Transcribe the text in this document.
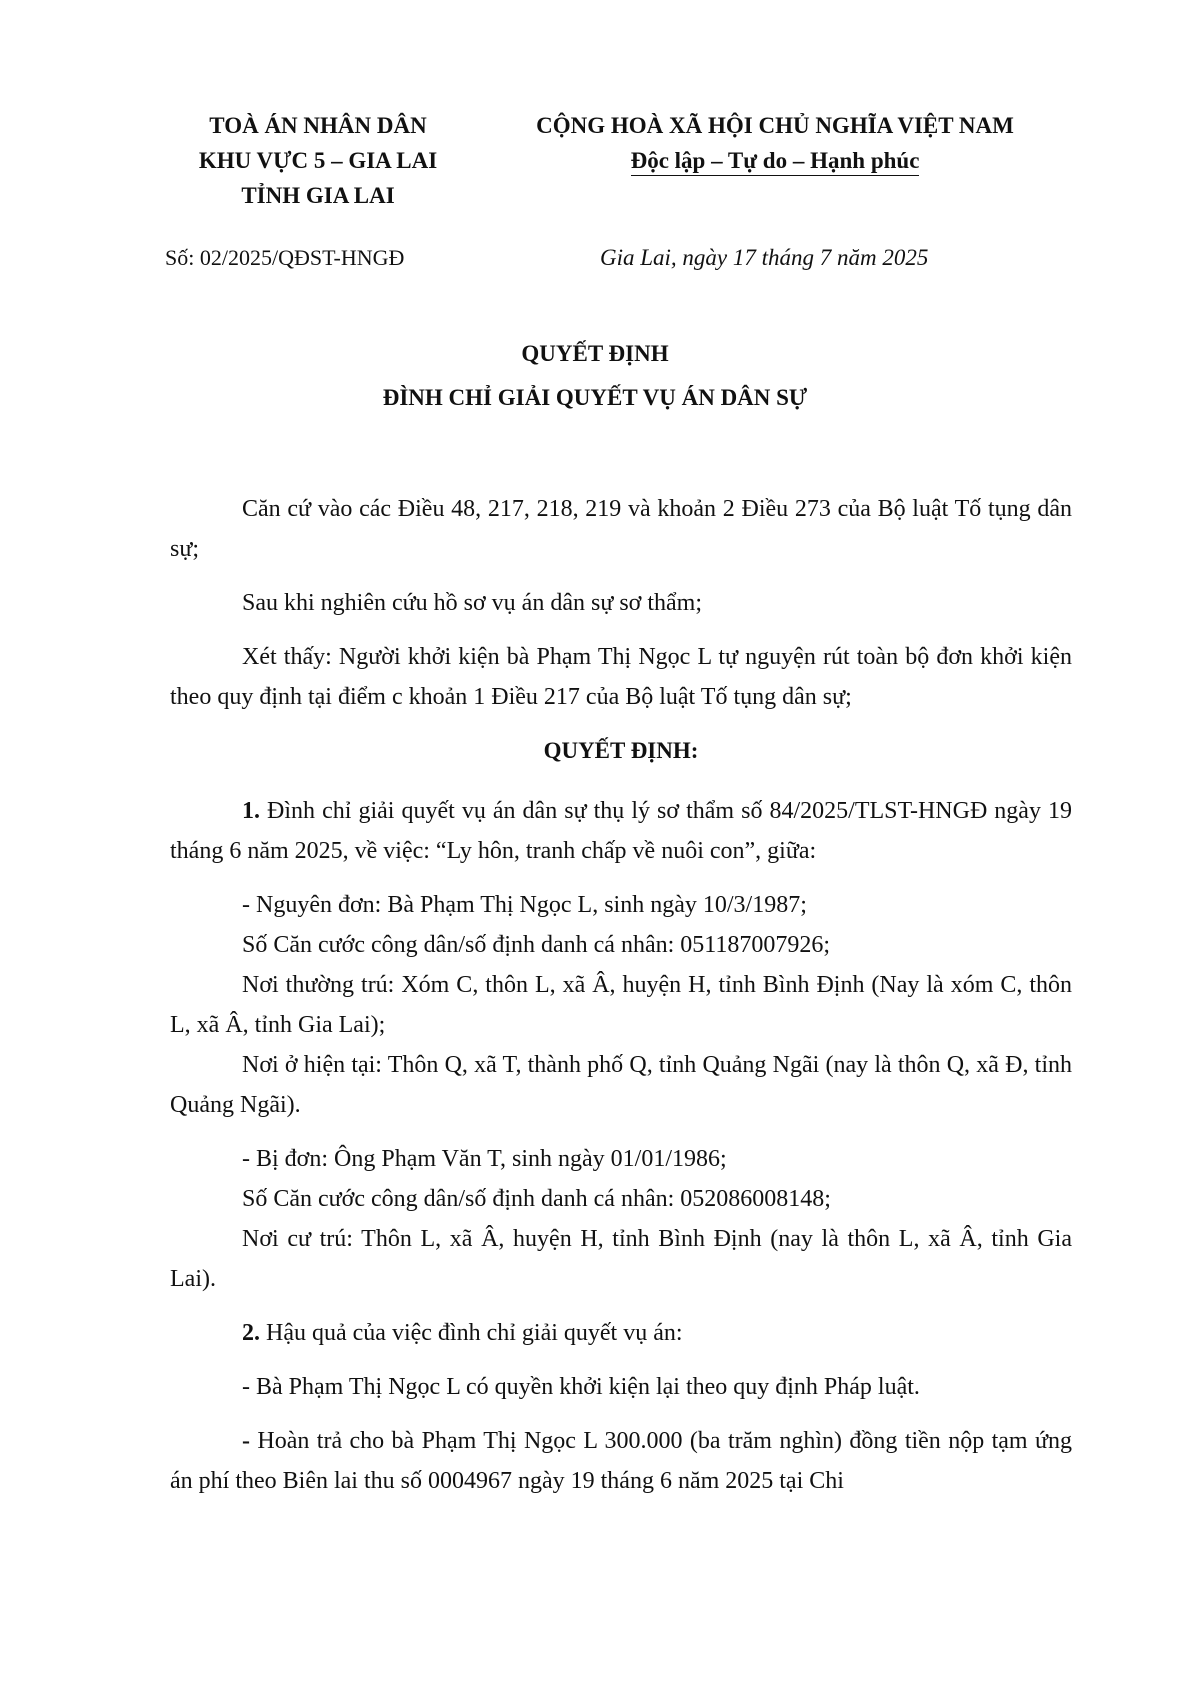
TOÀ ÁN NHÂN DÂN
KHU VỰC 5 – GIA LAI
TỈNH GIA LAI
CỘNG HOÀ XÃ HỘI CHỦ NGHĨA VIỆT NAM
Độc lập – Tự do – Hạnh phúc
Số: 02/2025/QĐST-HNGĐ	Gia Lai, ngày 17 tháng 7 năm 2025
QUYẾT ĐỊNH
ĐÌNH CHỈ GIẢI QUYẾT VỤ ÁN DÂN SỰ

Căn cứ vào các Điều 48, 217, 218, 219 và khoản 2 Điều 273 của Bộ luật Tố tụng dân sự;

Sau khi nghiên cứu hồ sơ vụ án dân sự sơ thẩm;

Xét thấy: Người khởi kiện bà Phạm Thị Ngọc L tự nguyện rút toàn bộ đơn khởi kiện theo quy định tại điểm c khoản 1 Điều 217 của Bộ luật Tố tụng dân sự;

QUYẾT ĐỊNH:

1. Đình chỉ giải quyết vụ án dân sự thụ lý sơ thẩm số 84/2025/TLST-HNGĐ ngày 19 tháng 6 năm 2025, về việc: “Ly hôn, tranh chấp về nuôi con”, giữa:

- Nguyên đơn: Bà Phạm Thị Ngọc L, sinh ngày 10/3/1987;

Số Căn cước công dân/số định danh cá nhân: 051187007926;

Nơi thường trú: Xóm C, thôn L, xã Â, huyện H, tỉnh Bình Định (Nay là xóm C, thôn L, xã Â, tỉnh Gia Lai);

Nơi ở hiện tại: Thôn Q, xã T, thành phố Q, tỉnh Quảng Ngãi (nay là thôn Q, xã Đ, tỉnh Quảng Ngãi).

- Bị đơn: Ông Phạm Văn T, sinh ngày 01/01/1986;

Số Căn cước công dân/số định danh cá nhân: 052086008148;

Nơi cư trú: Thôn L, xã Â, huyện H, tỉnh Bình Định (nay là thôn L, xã Â, tỉnh Gia Lai).

2. Hậu quả của việc đình chỉ giải quyết vụ án:

- Bà Phạm Thị Ngọc L có quyền khởi kiện lại theo quy định Pháp luật.

- Hoàn trả cho bà Phạm Thị Ngọc L 300.000 (ba trăm nghìn) đồng tiền nộp tạm ứng án phí theo Biên lai thu số 0004967 ngày 19 tháng 6 năm 2025 tại Chi
